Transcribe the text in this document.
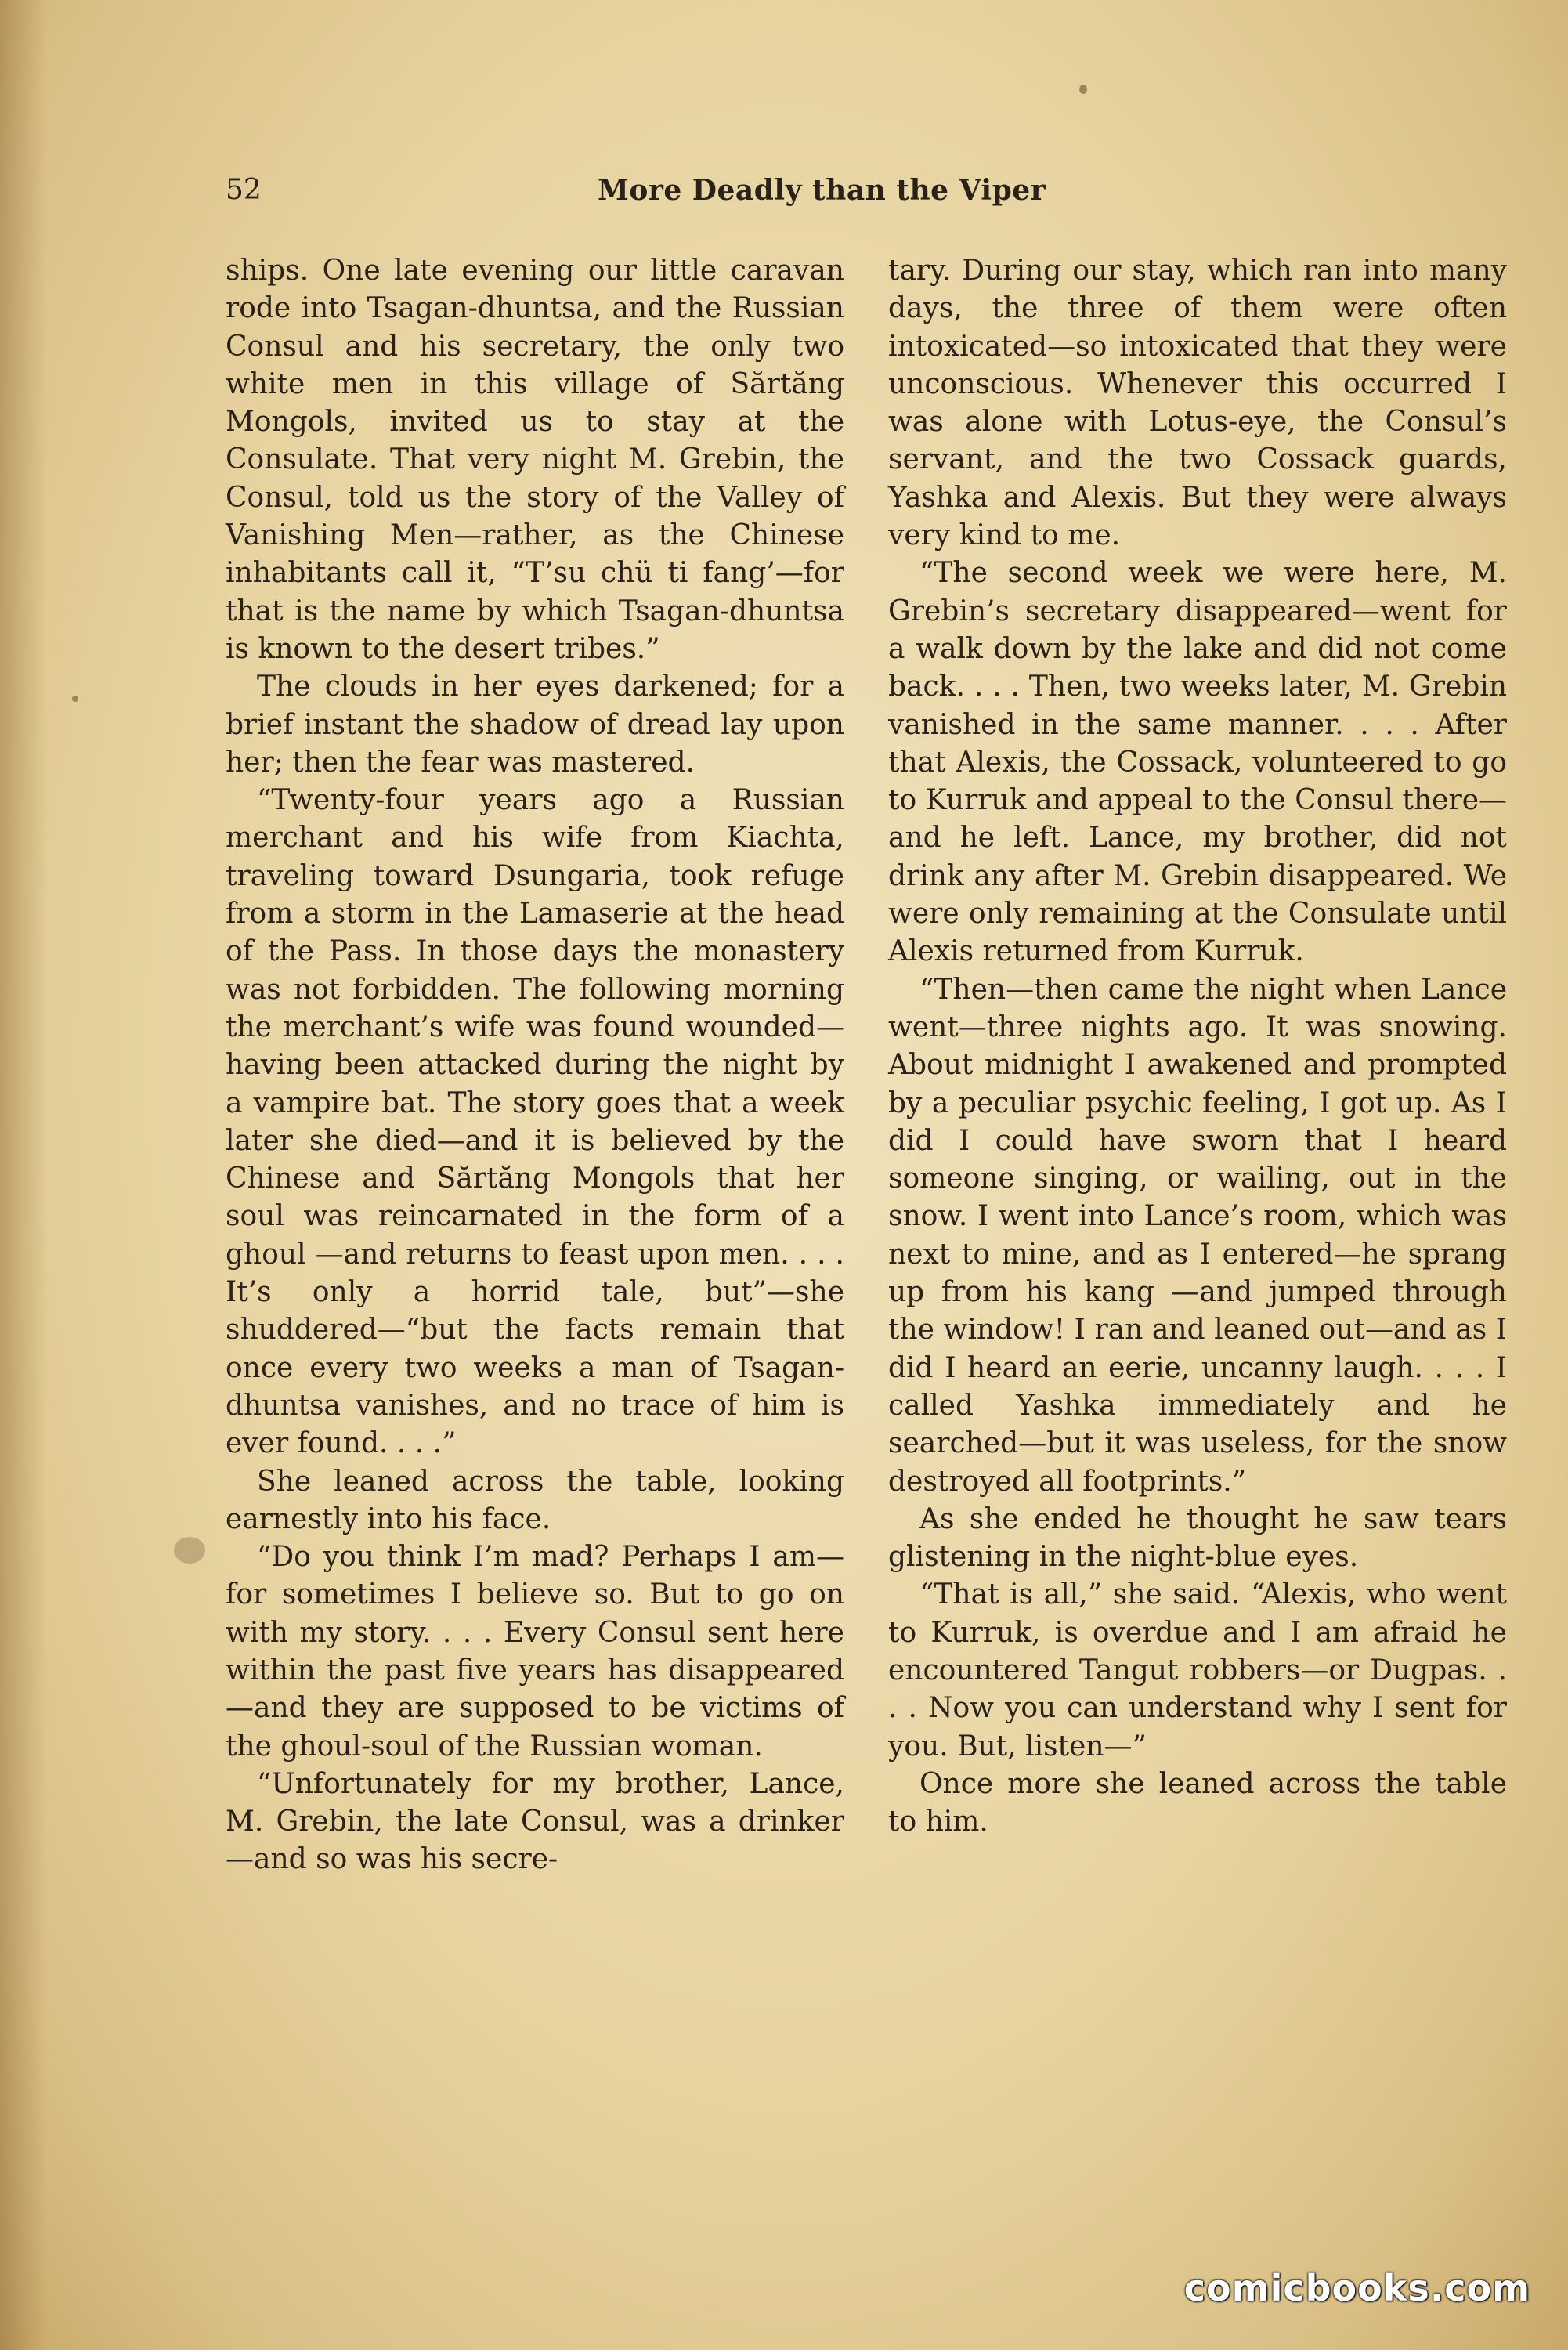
52	More Deadly than the Viper

ships. One late evening our little caravan rode into Tsagan-dhuntsa, and the Russian Consul and his secretary, the only two white men in this village of Sărtăng Mongols, invited us to stay at the Consulate. That very night M. Grebin, the Consul, told us the story of the Valley of Vanishing Men—rather, as the Chinese inhabitants call it, “T’su chü ti fang’—for that is the name by which Tsagan-dhuntsa is known to the desert tribes.”

The clouds in her eyes darkened; for a brief instant the shadow of dread lay upon her; then the fear was mastered.

“Twenty-four years ago a Russian merchant and his wife from Kiachta, traveling toward Dsungaria, took refuge from a storm in the Lamaserie at the head of the Pass. In those days the monastery was not forbidden. The following morning the merchant’s wife was found wounded—having been attacked during the night by a vampire bat. The story goes that a week later she died—and it is believed by the Chinese and Sărtăng Mongols that her soul was reincarnated in the form of a ghoul —and returns to feast upon men. . . . It’s only a horrid tale, but”—she shuddered—“but the facts remain that once every two weeks a man of Tsagan-dhuntsa vanishes, and no trace of him is ever found. . . .”

She leaned across the table, looking earnestly into his face.

“Do you think I’m mad? Perhaps I am—for sometimes I believe so. But to go on with my story. . . . Every Consul sent here within the past five years has disappeared—and they are supposed to be victims of the ghoul-soul of the Russian woman.

“Unfortunately for my brother, Lance, M. Grebin, the late Consul, was a drinker—and so was his secre-

tary. During our stay, which ran into many days, the three of them were often intoxicated—so intoxicated that they were unconscious. Whenever this occurred I was alone with Lotus-eye, the Consul’s servant, and the two Cossack guards, Yashka and Alexis. But they were always very kind to me.

“The second week we were here, M. Grebin’s secretary disappeared—went for a walk down by the lake and did not come back. . . . Then, two weeks later, M. Grebin vanished in the same manner. . . . After that Alexis, the Cossack, volunteered to go to Kurruk and appeal to the Consul there—and he left. Lance, my brother, did not drink any after M. Grebin disappeared. We were only remaining at the Consulate until Alexis returned from Kurruk.

“Then—then came the night when Lance went—three nights ago. It was snowing. About midnight I awakened and prompted by a peculiar psychic feeling, I got up. As I did I could have sworn that I heard someone singing, or wailing, out in the snow. I went into Lance’s room, which was next to mine, and as I entered—he sprang up from his kang —and jumped through the window! I ran and leaned out—and as I did I heard an eerie, uncanny laugh. . . . I called Yashka immediately and he searched—but it was useless, for the snow destroyed all footprints.”

As she ended he thought he saw tears glistening in the night-blue eyes.

“That is all,” she said. “Alexis, who went to Kurruk, is overdue and I am afraid he encountered Tangut robbers—or Dugpas. . . . Now you can understand why I sent for you. But, listen—”

Once more she leaned across the table to him.

comicbooks.com
